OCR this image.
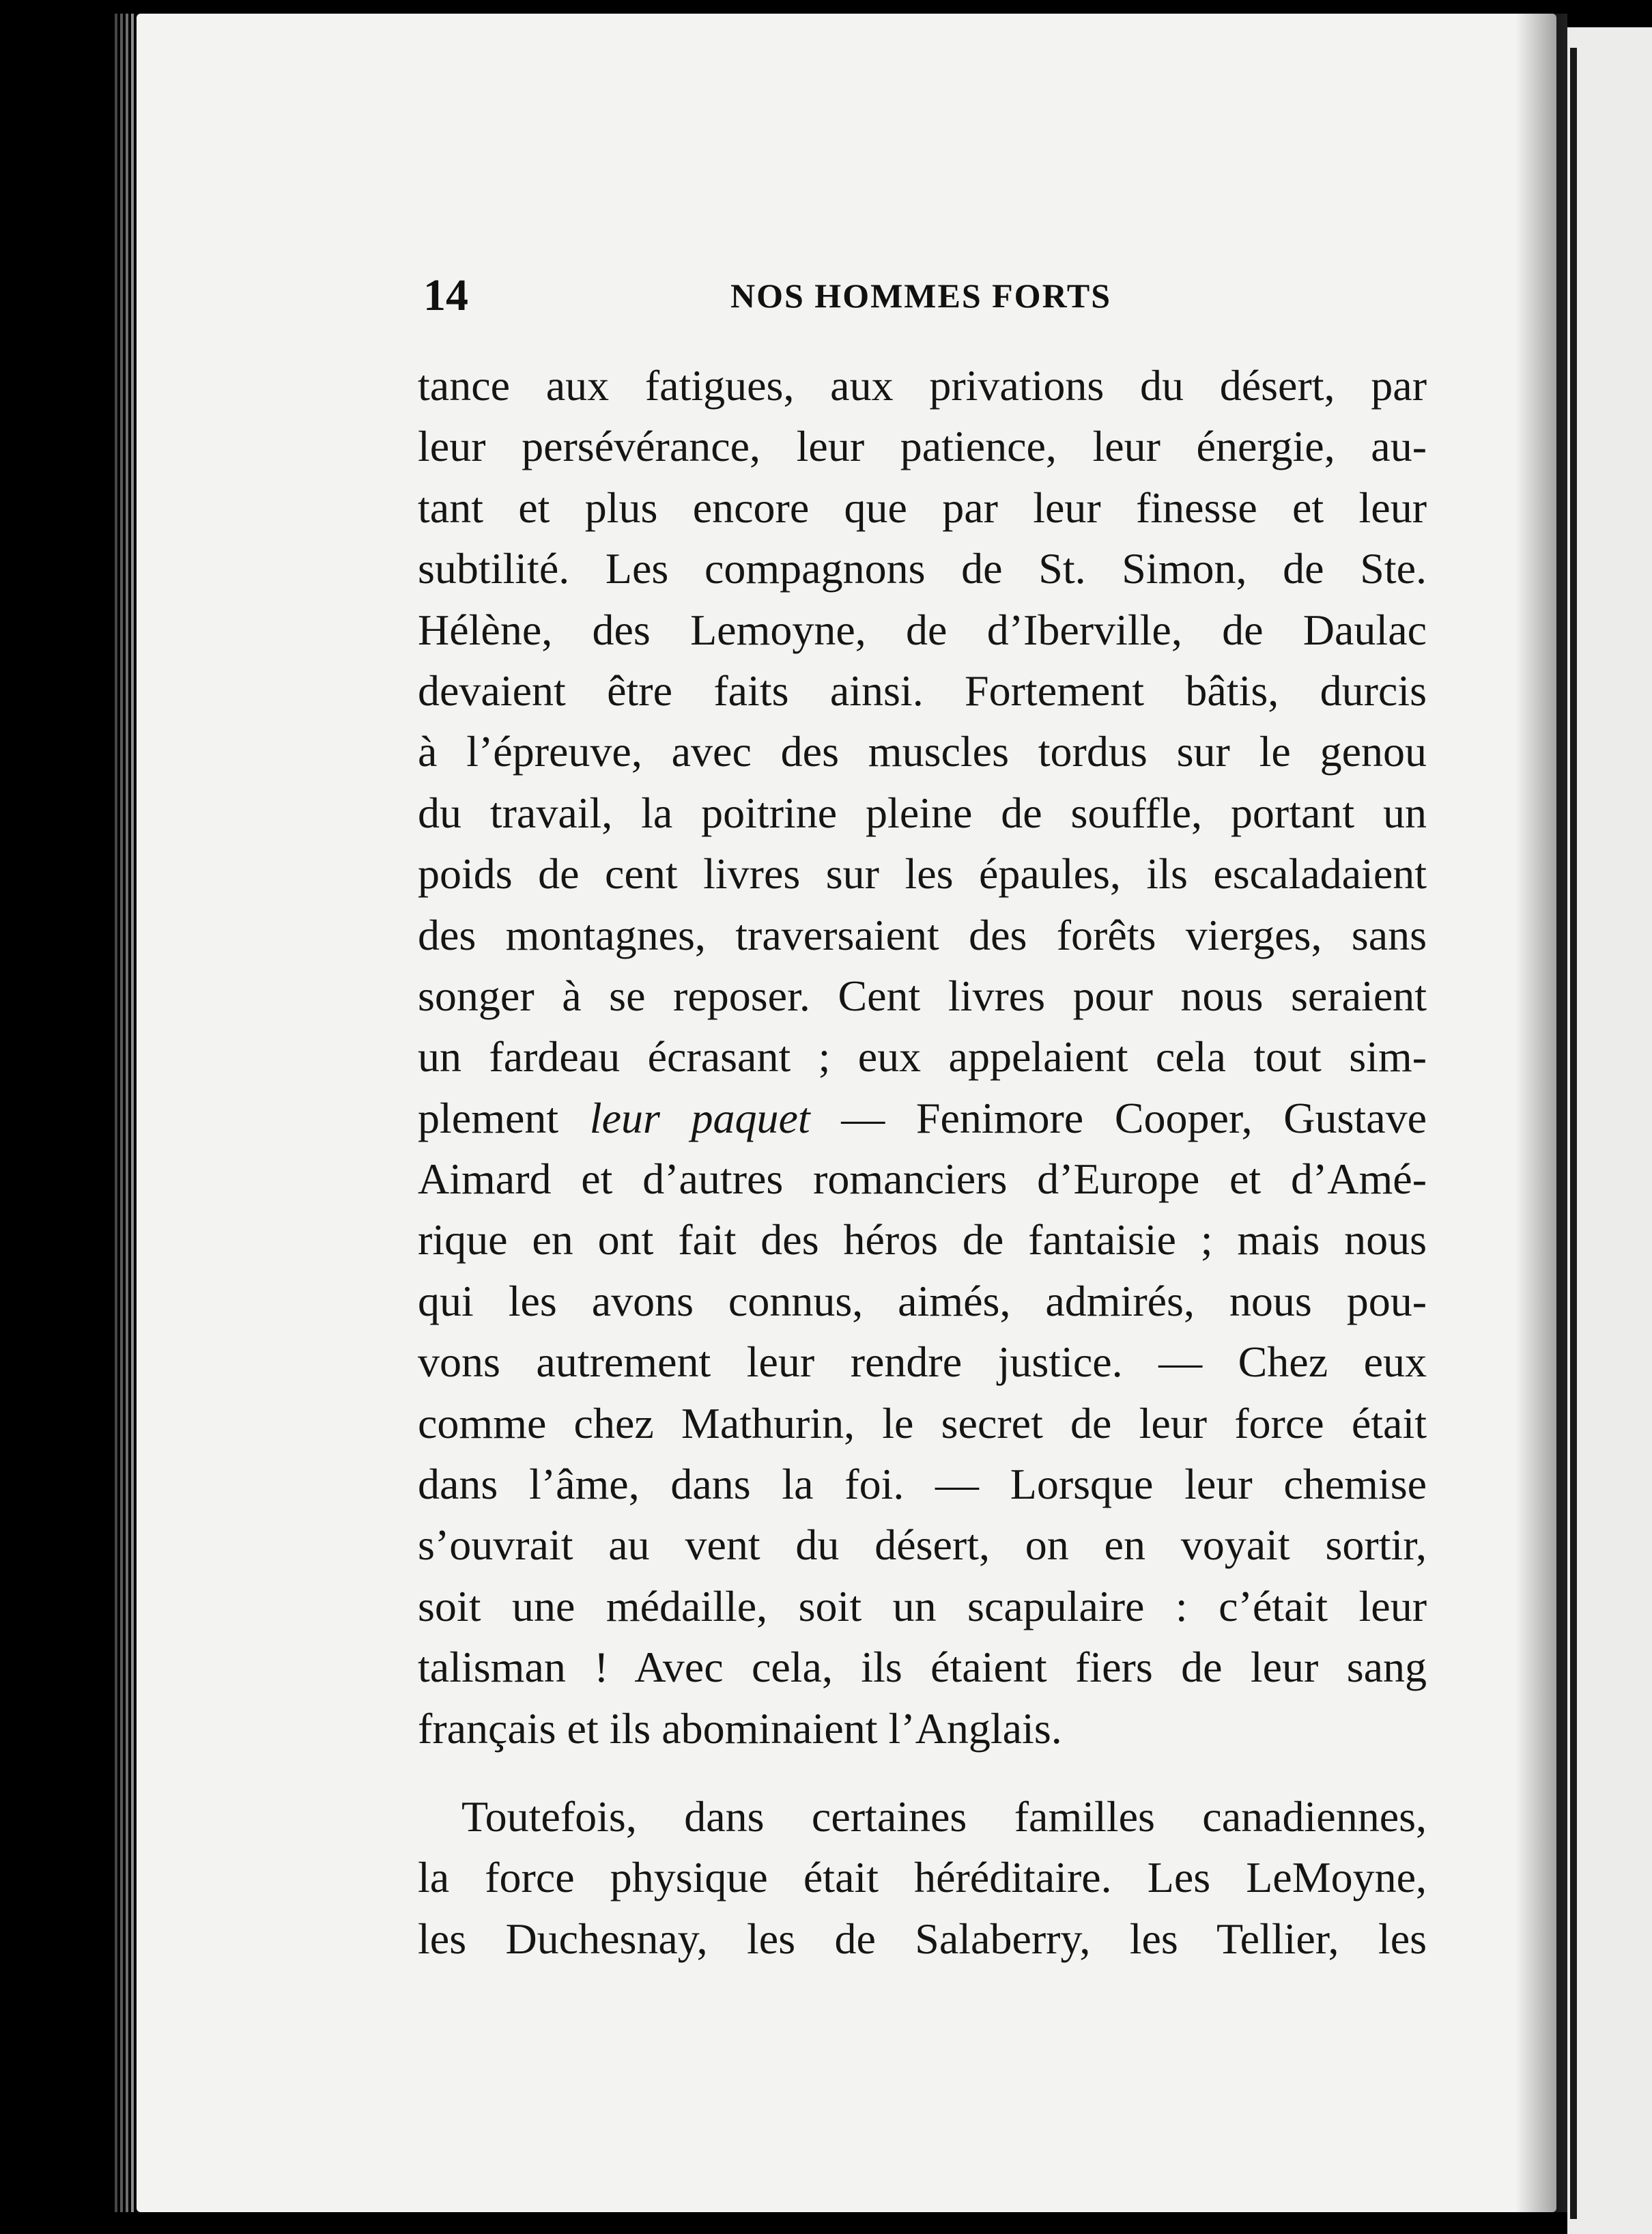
14	NOS HOMMES FORTS
tance aux fatigues, aux privations du désert, par
leur persévérance, leur patience, leur énergie, au-
tant et plus encore que par leur finesse et leur
subtilité. Les compagnons de St. Simon, de Ste.
Hélène, des Lemoyne, de d’Iberville, de Daulac
devaient être faits ainsi. Fortement bâtis, durcis
à l’épreuve, avec des muscles tordus sur le genou
du travail, la poitrine pleine de souffle, portant un
poids de cent livres sur les épaules, ils escaladaient
des montagnes, traversaient des forêts vierges, sans
songer à se reposer. Cent livres pour nous seraient
un fardeau écrasant ; eux appelaient cela tout sim-
plement leur paquet — Fenimore Cooper, Gustave
Aimard et d’autres romanciers d’Europe et d’Amé-
rique en ont fait des héros de fantaisie ; mais nous
qui les avons connus, aimés, admirés, nous pou-
vons autrement leur rendre justice. — Chez eux
comme chez Mathurin, le secret de leur force était
dans l’âme, dans la foi. — Lorsque leur chemise
s’ouvrait au vent du désert, on en voyait sortir,
soit une médaille, soit un scapulaire : c’était leur
talisman ! Avec cela, ils étaient fiers de leur sang
français et ils abominaient l’Anglais.
Toutefois, dans certaines familles canadiennes,
la force physique était héréditaire. Les LeMoyne,
les Duchesnay, les de Salaberry, les Tellier, les
